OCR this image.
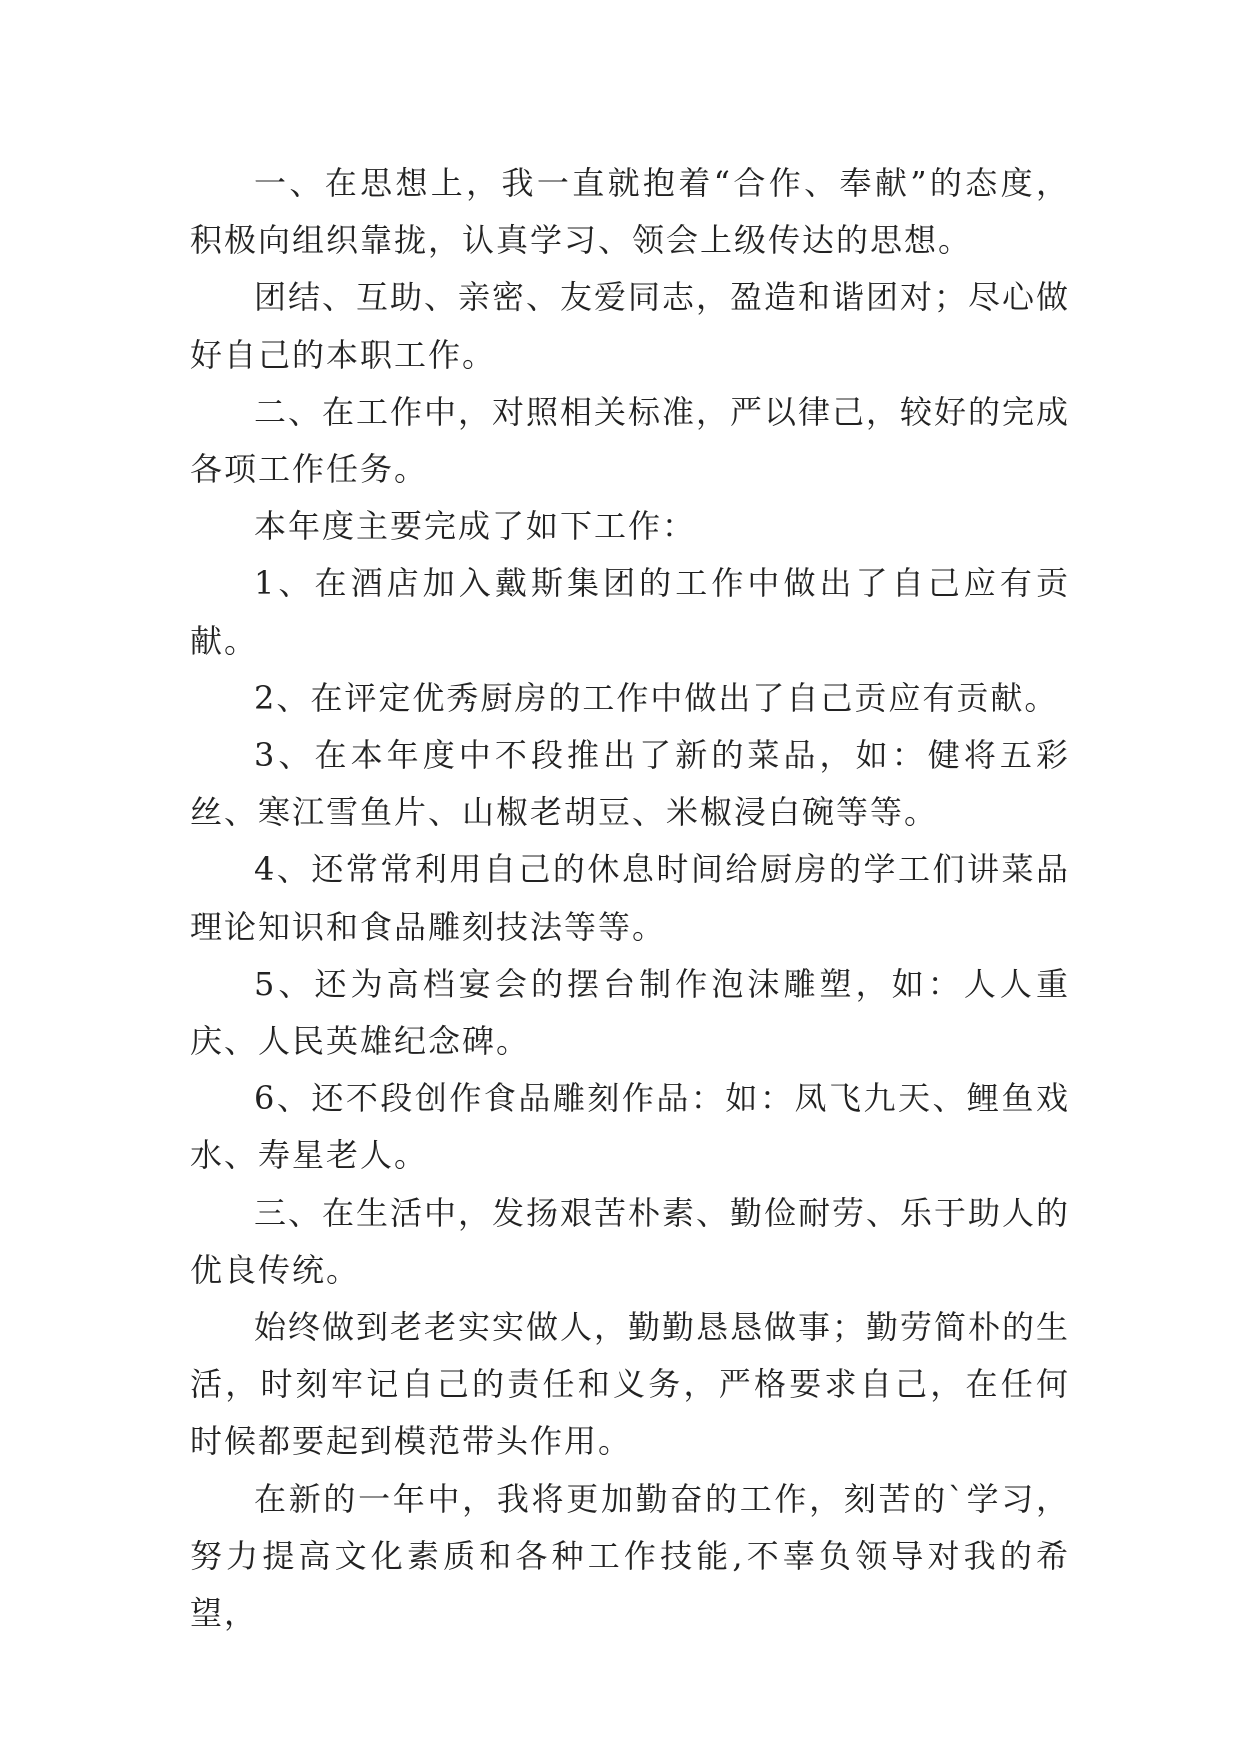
一、在思想上，我一直就抱着“合作、奉献”的态度，积极向组织靠拢，认真学习、领会上级传达的思想。

团结、互助、亲密、友爱同志，盈造和谐团对；尽心做好自己的本职工作。

二、在工作中，对照相关标准，严以律己，较好的完成各项工作任务。

本年度主要完成了如下工作：

1、在酒店加入戴斯集团的工作中做出了自己应有贡献。

2、在评定优秀厨房的工作中做出了自己贡应有贡献。

3、在本年度中不段推出了新的菜品，如：健将五彩丝、寒江雪鱼片、山椒老胡豆、米椒浸白碗等等。

4、还常常利用自己的休息时间给厨房的学工们讲菜品理论知识和食品雕刻技法等等。

5、还为高档宴会的摆台制作泡沫雕塑，如：人人重庆、人民英雄纪念碑。

6、还不段创作食品雕刻作品：如：凤飞九天、鲤鱼戏水、寿星老人。

三、在生活中，发扬艰苦朴素、勤俭耐劳、乐于助人的优良传统。

始终做到老老实实做人，勤勤恳恳做事；勤劳简朴的生活，时刻牢记自己的责任和义务，严格要求自己，在任何时候都要起到模范带头作用。

在新的一年中，我将更加勤奋的工作，刻苦的`学习，努力提高文化素质和各种工作技能,不辜负领导对我的希望，
